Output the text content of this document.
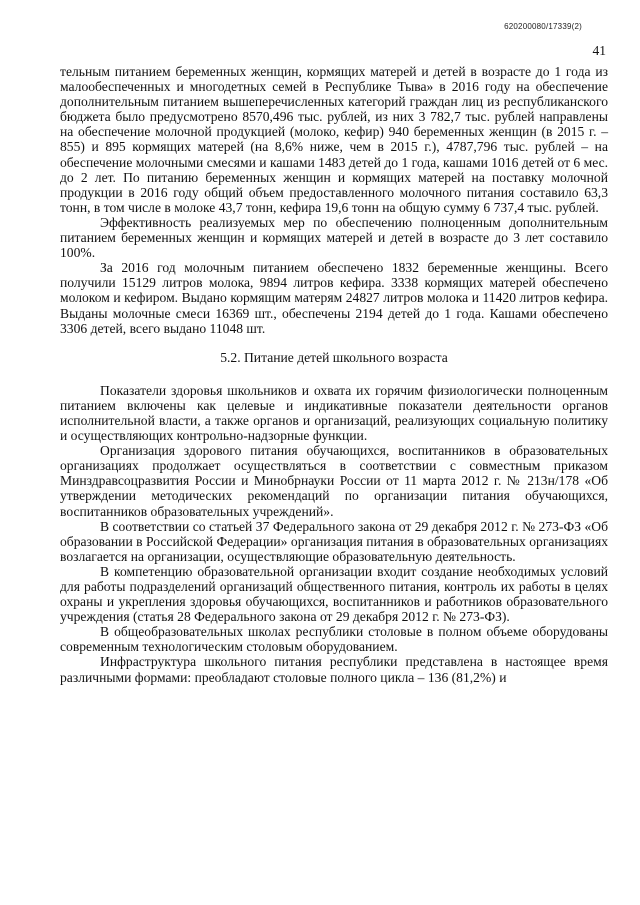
620200080/17339(2)
41

тельным питанием беременных женщин, кормящих матерей и детей в возрасте до 1 года из малообеспеченных и многодетных семей в Республике Тыва» в 2016 году на обеспечение дополнительным питанием вышеперечисленных категорий граждан лиц из республиканского бюджета было предусмотрено 8570,496 тыс. рублей, из них 3 782,7 тыс. рублей направлены на обеспечение молочной продукцией (молоко, кефир) 940 беременных женщин (в 2015 г. – 855) и 895 кормящих матерей (на 8,6% ниже, чем в 2015 г.), 4787,796 тыс. рублей – на обеспечение молочными смесями и кашами 1483 детей до 1 года, кашами 1016 детей от 6 мес. до 2 лет. По питанию беременных женщин и кормящих матерей на поставку молочной продукции в 2016 году общий объем предоставленного молочного питания составило 63,3 тонн, в том числе в молоке 43,7 тонн, кефира 19,6 тонн на общую сумму 6 737,4 тыс. рублей.

Эффективность реализуемых мер по обеспечению полноценным дополнительным питанием беременных женщин и кормящих матерей и детей в возрасте до 3 лет составило 100%.

За 2016 год молочным питанием обеспечено 1832 беременные женщины. Всего получили 15129 литров молока, 9894 литров кефира. 3338 кормящих матерей обеспечено молоком и кефиром. Выдано кормящим матерям 24827 литров молока и 11420 литров кефира. Выданы молочные смеси 16369 шт., обеспечены 2194 детей до 1 года. Кашами обеспечено 3306 детей, всего выдано 11048 шт.

5.2. Питание детей школьного возраста

Показатели здоровья школьников и охвата их горячим физиологически полноценным питанием включены как целевые и индикативные показатели деятельности органов исполнительной власти, а также органов и организаций, реализующих социальную политику и осуществляющих контрольно-надзорные функции.

Организация здорового питания обучающихся, воспитанников в образовательных организациях продолжает осуществляться в соответствии с совместным приказом Минздравсоцразвития России и Минобрнауки России от 11 марта 2012 г. № 213н/178 «Об утверждении методических рекомендаций по организации питания обучающихся, воспитанников образовательных учреждений».

В соответствии со статьей 37 Федерального закона от 29 декабря 2012 г. № 273-ФЗ «Об образовании в Российской Федерации» организация питания в образовательных организациях возлагается на организации, осуществляющие образовательную деятельность.

В компетенцию образовательной организации входит создание необходимых условий для работы подразделений организаций общественного питания, контроль их работы в целях охраны и укрепления здоровья обучающихся, воспитанников и работников образовательного учреждения (статья 28 Федерального закона от 29 декабря 2012 г. № 273-ФЗ).

В общеобразовательных школах республики столовые в полном объеме оборудованы современным технологическим столовым оборудованием.

Инфраструктура школьного питания республики представлена в настоящее время различными формами: преобладают столовые полного цикла – 136 (81,2%) и
